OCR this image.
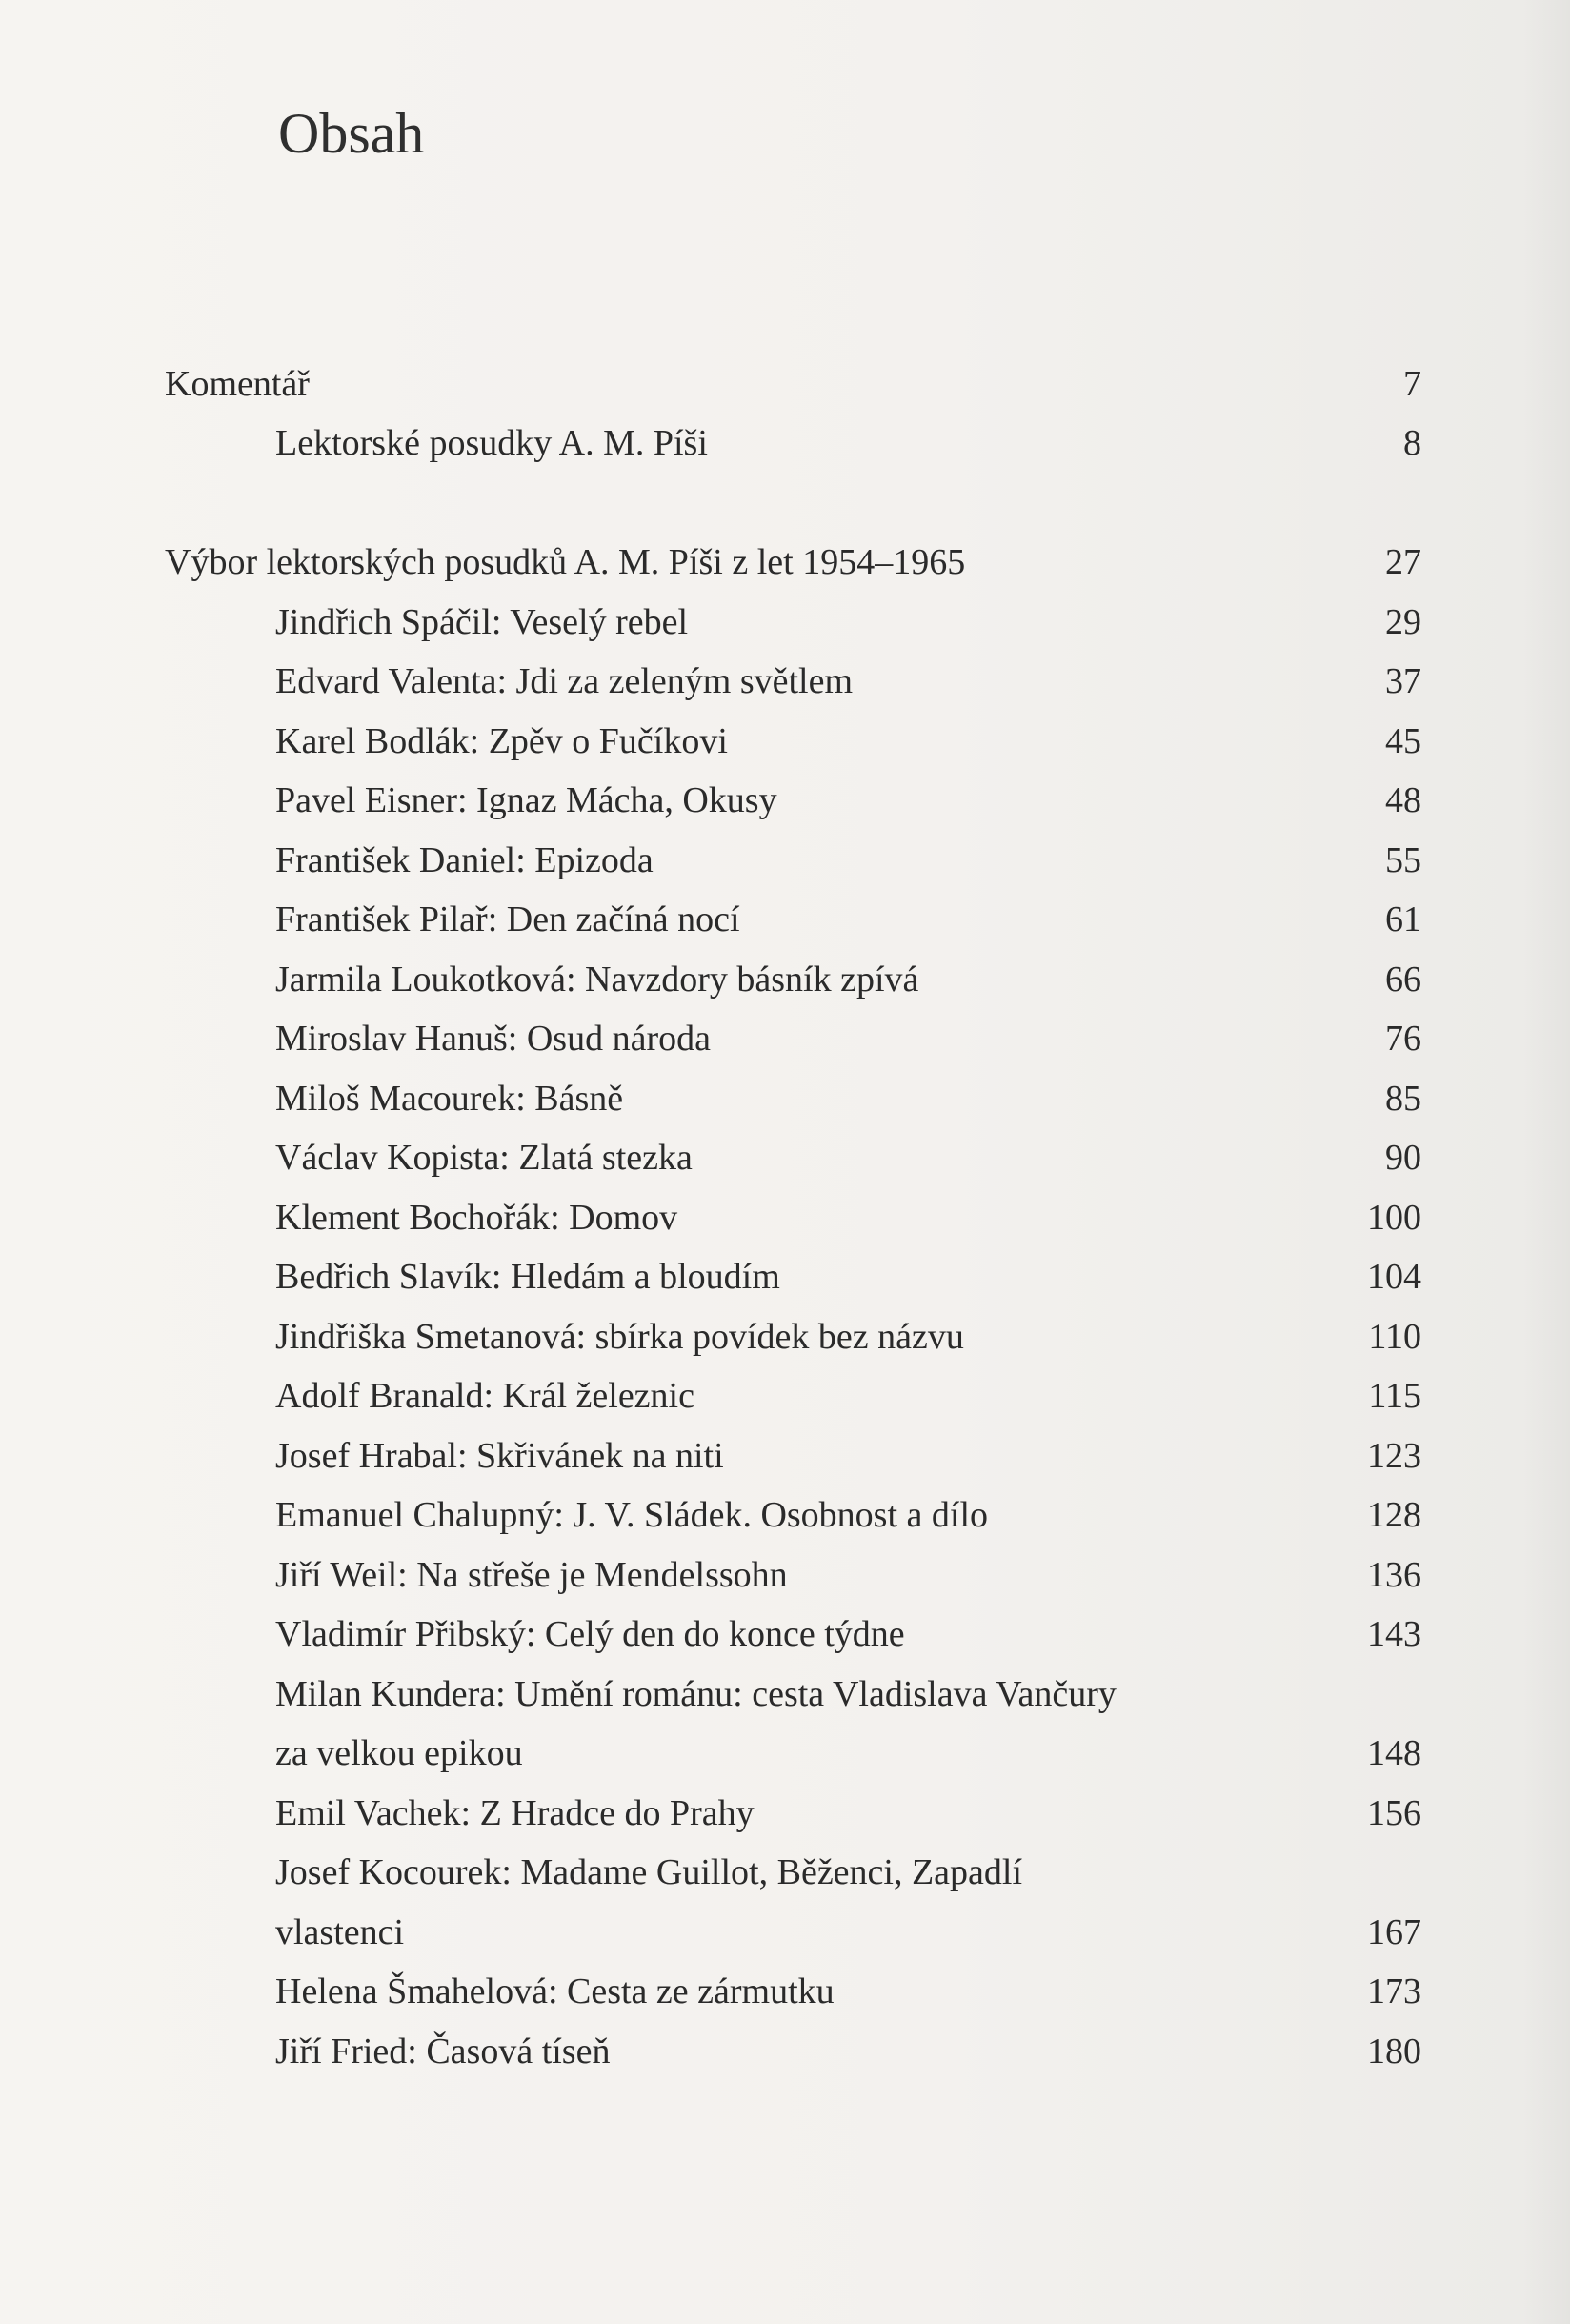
Obsah
Komentář	7
Lektorské posudky A. M. Píši	8
Výbor lektorských posudků A. M. Píši z let 1954–1965	27
Jindřich Spáčil: Veselý rebel	29
Edvard Valenta: Jdi za zeleným světlem	37
Karel Bodlák: Zpěv o Fučíkovi	45
Pavel Eisner: Ignaz Mácha, Okusy	48
František Daniel: Epizoda	55
František Pilař: Den začíná nocí	61
Jarmila Loukotková: Navzdory básník zpívá	66
Miroslav Hanuš: Osud národa	76
Miloš Macourek: Básně	85
Václav Kopista: Zlatá stezka	90
Klement Bochořák: Domov	100
Bedřich Slavík: Hledám a bloudím	104
Jindřiška Smetanová: sbírka povídek bez názvu	110
Adolf Branald: Král železnic	115
Josef Hrabal: Skřivánek na niti	123
Emanuel Chalupný: J. V. Sládek. Osobnost a dílo	128
Jiří Weil: Na střeše je Mendelssohn	136
Vladimír Přibský: Celý den do konce týdne	143
Milan Kundera: Umění románu: cesta Vladislava Vančury
za velkou epikou	148
Emil Vachek: Z Hradce do Prahy	156
Josef Kocourek: Madame Guillot, Běženci, Zapadlí
vlastenci	167
Helena Šmahelová: Cesta ze zármutku	173
Jiří Fried: Časová tíseň	180
